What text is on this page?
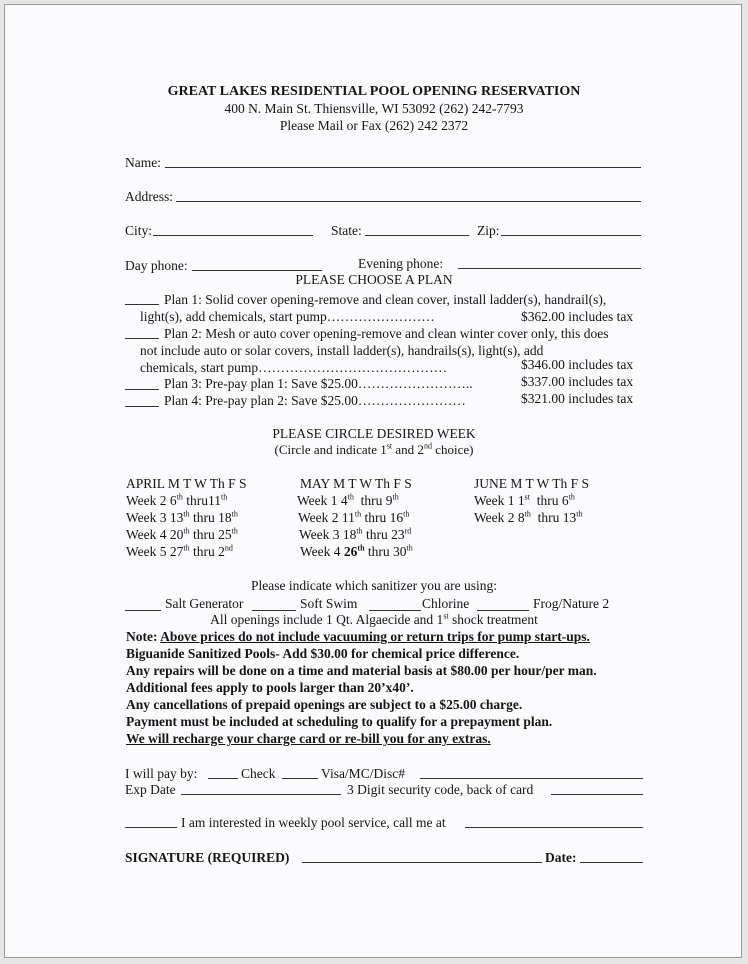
GREAT LAKES RESIDENTIAL POOL OPENING RESERVATION
400 N. Main St. Thiensville, WI 53092 (262) 242-7793
Please Mail or Fax (262) 242 2372
Name:
Address:
City:	State:	Zip:
Day phone:	Evening phone:
PLEASE CHOOSE A PLAN
Plan 1: Solid cover opening-remove and clean cover, install ladder(s), handrail(s),
light(s), add chemicals, start pump……………………	$362.00 includes tax
Plan 2: Mesh or auto cover opening-remove and clean winter cover only, this does
not include auto or solar covers, install ladder(s), handrails(s), light(s), add
chemicals, start pump……………………………………	$346.00 includes tax
Plan 3: Pre-pay plan 1: Save $25.00……………………..	$337.00 includes tax
Plan 4: Pre-pay plan 2: Save $25.00……………………	$321.00 includes tax
PLEASE CIRCLE DESIRED WEEK
(Circle and indicate 1st and 2nd choice)
APRIL M T W Th F S
Week 2 6th thru11th
Week 3 13th thru 18th
Week 4 20th thru 25th
Week 5 27th thru 2nd
MAY M T W Th F S
Week 1 4th thru 9th
Week 2 11th thru 16th
Week 3 18th thru 23rd
Week 4 26th thru 30th
JUNE M T W Th F S
Week 1 1st thru 6th
Week 2 8th thru 13th
Please indicate which sanitizer you are using:
Salt Generator	Soft Swim	Chlorine	Frog/Nature 2
All openings include 1 Qt. Algaecide and 1st shock treatment
Note: Above prices do not include vacuuming or return trips for pump start-ups.
Biguanide Sanitized Pools- Add $30.00 for chemical price difference.
Any repairs will be done on a time and material basis at $80.00 per hour/per man.
Additional fees apply to pools larger than 20’x40’.
Any cancellations of prepaid openings are subject to a $25.00 charge.
Payment must be included at scheduling to qualify for a prepayment plan.
We will recharge your charge card or re-bill you for any extras.
I will pay by:	Check	Visa/MC/Disc#
Exp Date	3 Digit security code, back of card
I am interested in weekly pool service, call me at
SIGNATURE (REQUIRED)	Date:
